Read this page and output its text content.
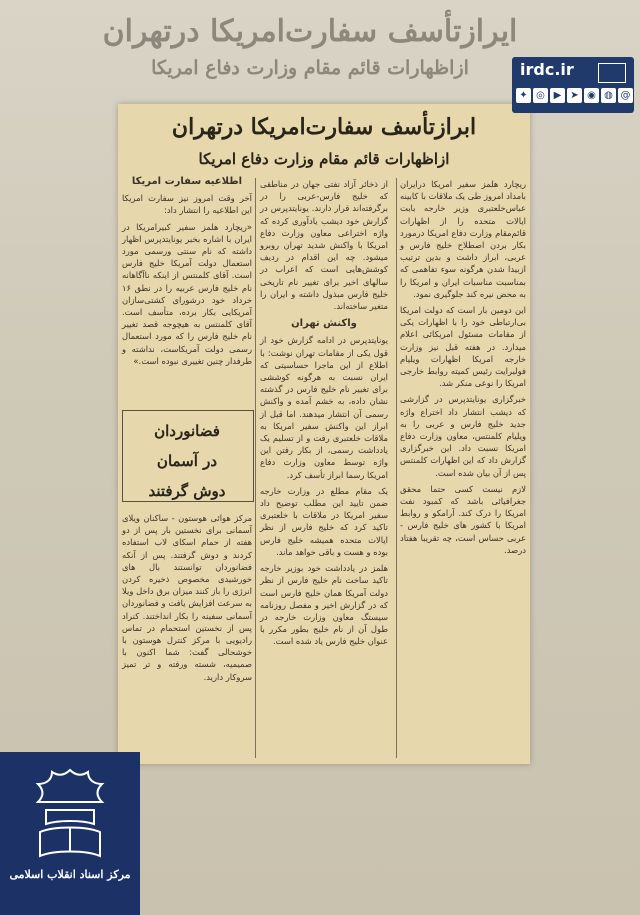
ایرازتأسف سفارت‌امریکا درتهران
ازاظهارات قائم مقام وزارت دفاع امریکا
ابرازتأسف سفارت‌امریکا درتهران
ازاظهارات قائم مقام وزارت دفاع امریکا

ریچارد هلمز سفیر امریکا درایران بامداد امروز طی یک ملاقات با کابینه عباس‌خلعتبری وزیر خارجه بابت ایالات متحده را از اظهارات قائم‌مقام وزارت دفاع امریکا درمورد بکار بردن اصطلاح خلیج فارس و عربی، ابراز داشت و بدین ترتیب ازبیدا شدن هرگونه سوء تفاهمی که بمناسبت مناسبات ایران و امریکا را به محض نیره کند جلوگیری نمود.

این دومین بار است که دولت امریکا بی‌ارتباطی خود را با اظهارات یکی از مقامات مسئول امریکائی اعلام میدارد. در هفته قبل نیز وزارت خارجه امریکا اظهارات ویلیام فولبرایت رئیس کمیته روابط خارجی امریکا را نوعی منکر شد.

خبرگزاری یونایتدپرس در گزارشی که دیشب انتشار داد اختراع واژه جدید خلیج فارس و عربی را به ویلیام کلمنتس، معاون وزارت دفاع امریکا نسبت داد. این خبرگزاری گزارش داد که این اظهارات کلمنتس پس از آن بیان شده است.

لازم نیست کسی حتما محقق جغرافیائی باشد که کمبود نفت امریکا را درک کند. آرامکو و روابط امریکا با کشور های خلیج فارس - عربی حساس است، چه تقریبا هفتاد درصد.

از ذخائر آزاد نفتی جهان در مناطقی که خلیج فارس-عربی را در برگرفته‌اند قرار دارند. یونایتدپرس در گزارش خود دیشب یادآوری کرده که واژه اختراعی معاون وزارت دفاع امریکا با واکنش شدید تهران روبرو میشود. چه این اقدام در ردیف کوشش‌هایی است که اعراب در سالهای اخیر برای تغییر نام تاریخی خلیج فارس مبذول داشته و ایران را متغیر ساخته‌اند.

واکنش تهران

یونایتدپرس در ادامه گزارش خود از قول یکی از مقامات تهران نوشت: با اطلاع از این ماجرا حساسیتی که ایران نسبت به هرگونه کوششی برای تغییر نام خلیج فارس در گذشته نشان داده، به خشم آمده و واکنش رسمی آن انتشار میدهند. اما قبل از ابراز این واکنش سفیر امریکا به ملاقات خلعتبری رفت و از تسلیم یک یادداشت رسمی، از بکار رفتن این واژه توسط معاون وزارت دفاع امریکا رسما ابراز تأسف کرد.

یک مقام مطلع در وزارت خارجه ضمن تایید این مطلب توضیح داد سفیر امریکا در ملاقات با خلعتبری تاکید کرد که خلیج فارس از نظر ایالات متحده همیشه خلیج فارس بوده و هست و باقی خواهد ماند.

هلمز در یادداشت خود بوزیر خارجه تاکید ساخت نام خلیج فارس از نظر دولت آمریکا همان خلیج فارس است که در گزارش اخیر و مفصل روزنامه سیستگ معاون وزارت خارجه در طول آن از نام خلیج بطور مکرر با عنوان خلیج فارس یاد شده است.

اطلاعیه سفارت امریکا

آخر وقت امروز نیز سفارت امریکا این اطلاعیه را انتشار داد:

«ریچارد هلمز سفیر کبیرامریکا در ایران با اشاره بخبر یونایتدپرس اظهار داشته که نام سنتی ورسمی مورد استعمال دولت آمریکا خلیج فارس است. آقای کلمنتس از اینکه ناآگاهانه نام خلیج فارس عربیه را در نطق ۱۶ خرداد خود درشورای کشتی‌سازان آمریکایی بکار برده، متأسف است. آقای کلمنتس به هیچوجه قصد تغییر نام خلیج فارس را که مورد استعمال رسمی دولت آمریکاست، نداشته و طرفدار چنین تغییری نبوده است.»

فضانوردان
در آسمان
دوش گرفتند

مرکز هوائی هوستون - ساکنان ویلای آسمانی برای نخستین بار پس از دو هفته از حمام اسکای لاب استفاده کردند و دوش گرفتند. پس از آنکه فضانوردان توانستند بال های خورشیدی مخصوص ذخیره کردن انرژی را باز کنند میزان برق داخل ویلا به سرعت افزایش یافت و فضانوردان آسمانی سفینه را بکار انداختند. کنراد پس از نخستین استحمام در تماس رادیویی با مرکز کنترل هوستون با خوشحالی گفت: شما اکنون با صمیمیه، شسته ورفته و تر تمیز سروکار دارید.

irdc.ir
✦ ◎ ▶ ➤ ◉ ◍ @
مرکز اسناد انقلاب اسلامی
